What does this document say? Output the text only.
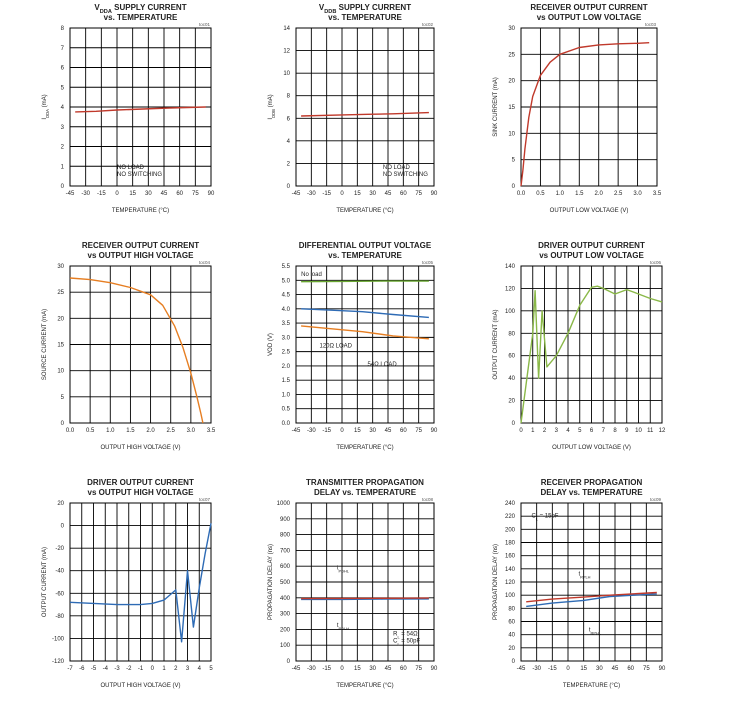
$V_{DDA}$ SUPPLY CURRENT
vs. TEMPERATURE
toc01
-45 -30 -15 0 15 30 45 60 75 90
0
1
2
3
4
5
6
7
8
TEMPERATURE (°C)
$I_{DDA}$ (mA)
NO LOAD
NO SWITCHING
$V_{DDB}$ SUPPLY CURRENT
vs. TEMPERATURE
toc02
-45 -30 -15 0 15 30 45 60 75 90
0
2
4
6
8
10
12
14
TEMPERATURE (°C)
$I_{DDB}$ (mA)
NO LOAD
NO SWITCHING
RECEIVER OUTPUT CURRENT
vs OUTPUT LOW VOLTAGE
toc03
0.0 0.5 1.0 1.5 2.0 2.5 3.0 3.5
0
5
10
15
20
25
30
OUTPUT LOW VOLTAGE (V)
SINK CURRENT (mA)
RECEIVER OUTPUT CURRENT
vs OUTPUT HIGH VOLTAGE
toc04
0.0 0.5 1.0 1.5 2.0 2.5 3.0 3.5
0
5
10
15
20
25
30
OUTPUT HIGH VOLTAGE (V)
SOURCE CURRENT (mA)
DIFFERENTIAL OUTPUT VOLTAGE
vs. TEMPERATURE
toc05
-45 -30 -15 0 15 30 45 60 75 90
0.0
0.5
1.0
1.5
2.0
2.5
3.0
3.5
4.0
4.5
5.0
5.5
TEMPERATURE (°C)
VOD (V)
No load
120Ω LOAD
54Ω LOAD
DRIVER OUTPUT CURRENT
vs OUTPUT LOW VOLTAGE
toc06
0 1 2 3 4 5 6 7 8 9 10 11 12
0
20
40
60
80
100
120
140
OUTPUT LOW VOLTAGE (V)
OUTPUT CURRENT (mA)
DRIVER OUTPUT CURRENT
vs OUTPUT HIGH VOLTAGE
toc07
-7 -6 -5 -4 -3 -2 -1 0 1 2 3 4 5
-120
-100
-80
-60
-40
-20
0
20
OUTPUT HIGH VOLTAGE (V)
OUTPUT CURRENT (mA)
TRANSMITTER PROPAGATION
DELAY vs. TEMPERATURE
toc08
-45 -30 -15 0 15 30 45 60 75 90
0
100
200
300
400
500
600
700
800
900
1000
TEMPERATURE (°C)
PROPAGATION DELAY (ns)	$t_{PDHL}$
$t_{PDLH}$
$R_L = 54\Omega$
$C_L = 50pF$
RECEIVER PROPAGATION
DELAY vs. TEMPERATURE
toc09
-45 -30 -15 0 15 30 45 60 75 90
0
20
40
60
80
100
120
140
160
180
200
220
240
TEMPERATURE (°C)
PROPAGATION DELAY (ns)
$C_L = 15pF$
$t_{RPLH}$
$t_{RPHL}$
